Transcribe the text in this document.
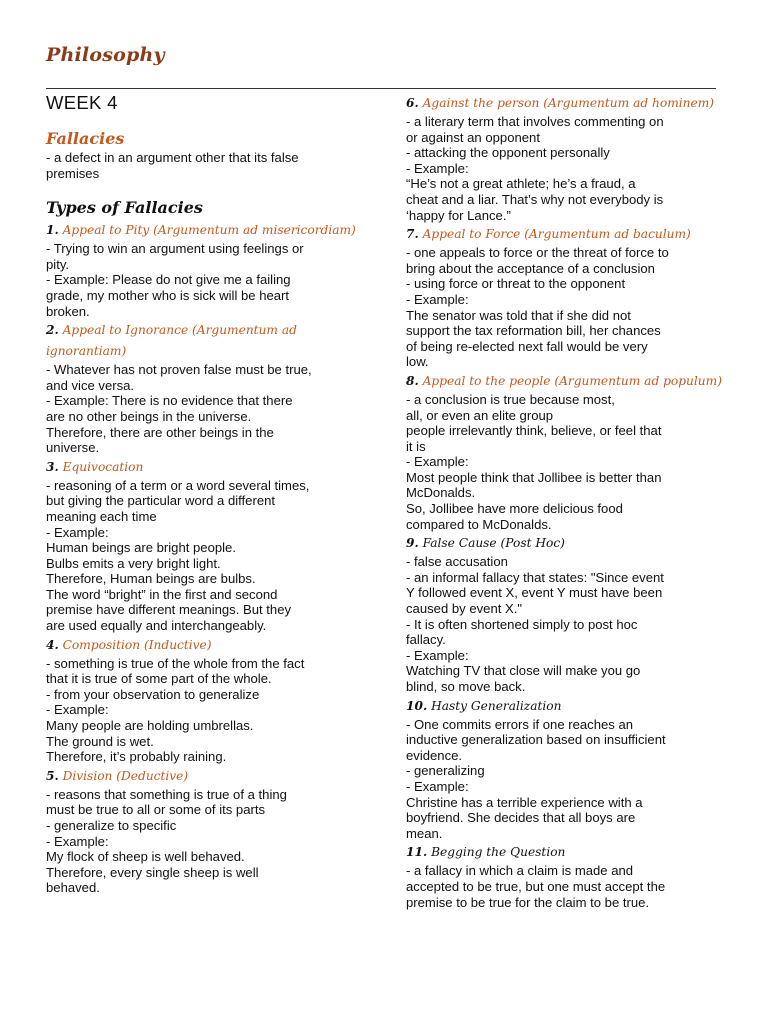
Philosophy
WEEK 4
Fallacies
- a defect in an argument other that its false
premises
Types of Fallacies
1. Appeal to Pity (Argumentum ad misericordiam)
- Trying to win an argument using feelings or
pity.
- Example: Please do not give me a failing
grade, my mother who is sick will be heart
broken.
2. Appeal to Ignorance (Argumentum ad ignorantiam)
- Whatever has not proven false must be true,
and vice versa.
- Example: There is no evidence that there
are no other beings in the universe.
Therefore, there are other beings in the
universe.
3. Equivocation
- reasoning of a term or a word several times,
but giving the particular word a different
meaning each time
- Example:
Human beings are bright people.
Bulbs emits a very bright light.
Therefore, Human beings are bulbs.
The word “bright” in the first and second
premise have different meanings. But they
are used equally and interchangeably.
4. Composition (Inductive)
- something is true of the whole from the fact
that it is true of some part of the whole.
- from your observation to generalize
- Example:
Many people are holding umbrellas.
The ground is wet.
Therefore, it’s probably raining.
5. Division (Deductive)
- reasons that something is true of a thing
must be true to all or some of its parts
- generalize to specific
- Example:
My flock of sheep is well behaved.
Therefore, every single sheep is well
behaved.
6. Against the person (Argumentum ad hominem)
- a literary term that involves commenting on
or against an opponent
- attacking the opponent personally
- Example:
“He’s not a great athlete; he’s a fraud, a
cheat and a liar. That’s why not everybody is
‘happy for Lance.”
7. Appeal to Force (Argumentum ad baculum)
- one appeals to force or the threat of force to
bring about the acceptance of a conclusion
- using force or threat to the opponent
- Example:
The senator was told that if she did not
support the tax reformation bill, her chances
of being re-elected next fall would be very
low.
8. Appeal to the people (Argumentum ad populum)
- a conclusion is true because most,
all, or even an elite group
people irrelevantly think, believe, or feel that
it is
- Example:
Most people think that Jollibee is better than
McDonalds.
So, Jollibee have more delicious food
compared to McDonalds.
9. False Cause (Post Hoc)
- false accusation
- an informal fallacy that states: "Since event
Y followed event X, event Y must have been
caused by event X."
- It is often shortened simply to post hoc
fallacy.
- Example:
Watching TV that close will make you go
blind, so move back.
10. Hasty Generalization
- One commits errors if one reaches an
inductive generalization based on insufficient
evidence.
- generalizing
- Example:
Christine has a terrible experience with a
boyfriend. She decides that all boys are
mean.
11. Begging the Question
- a fallacy in which a claim is made and
accepted to be true, but one must accept the
premise to be true for the claim to be true.
